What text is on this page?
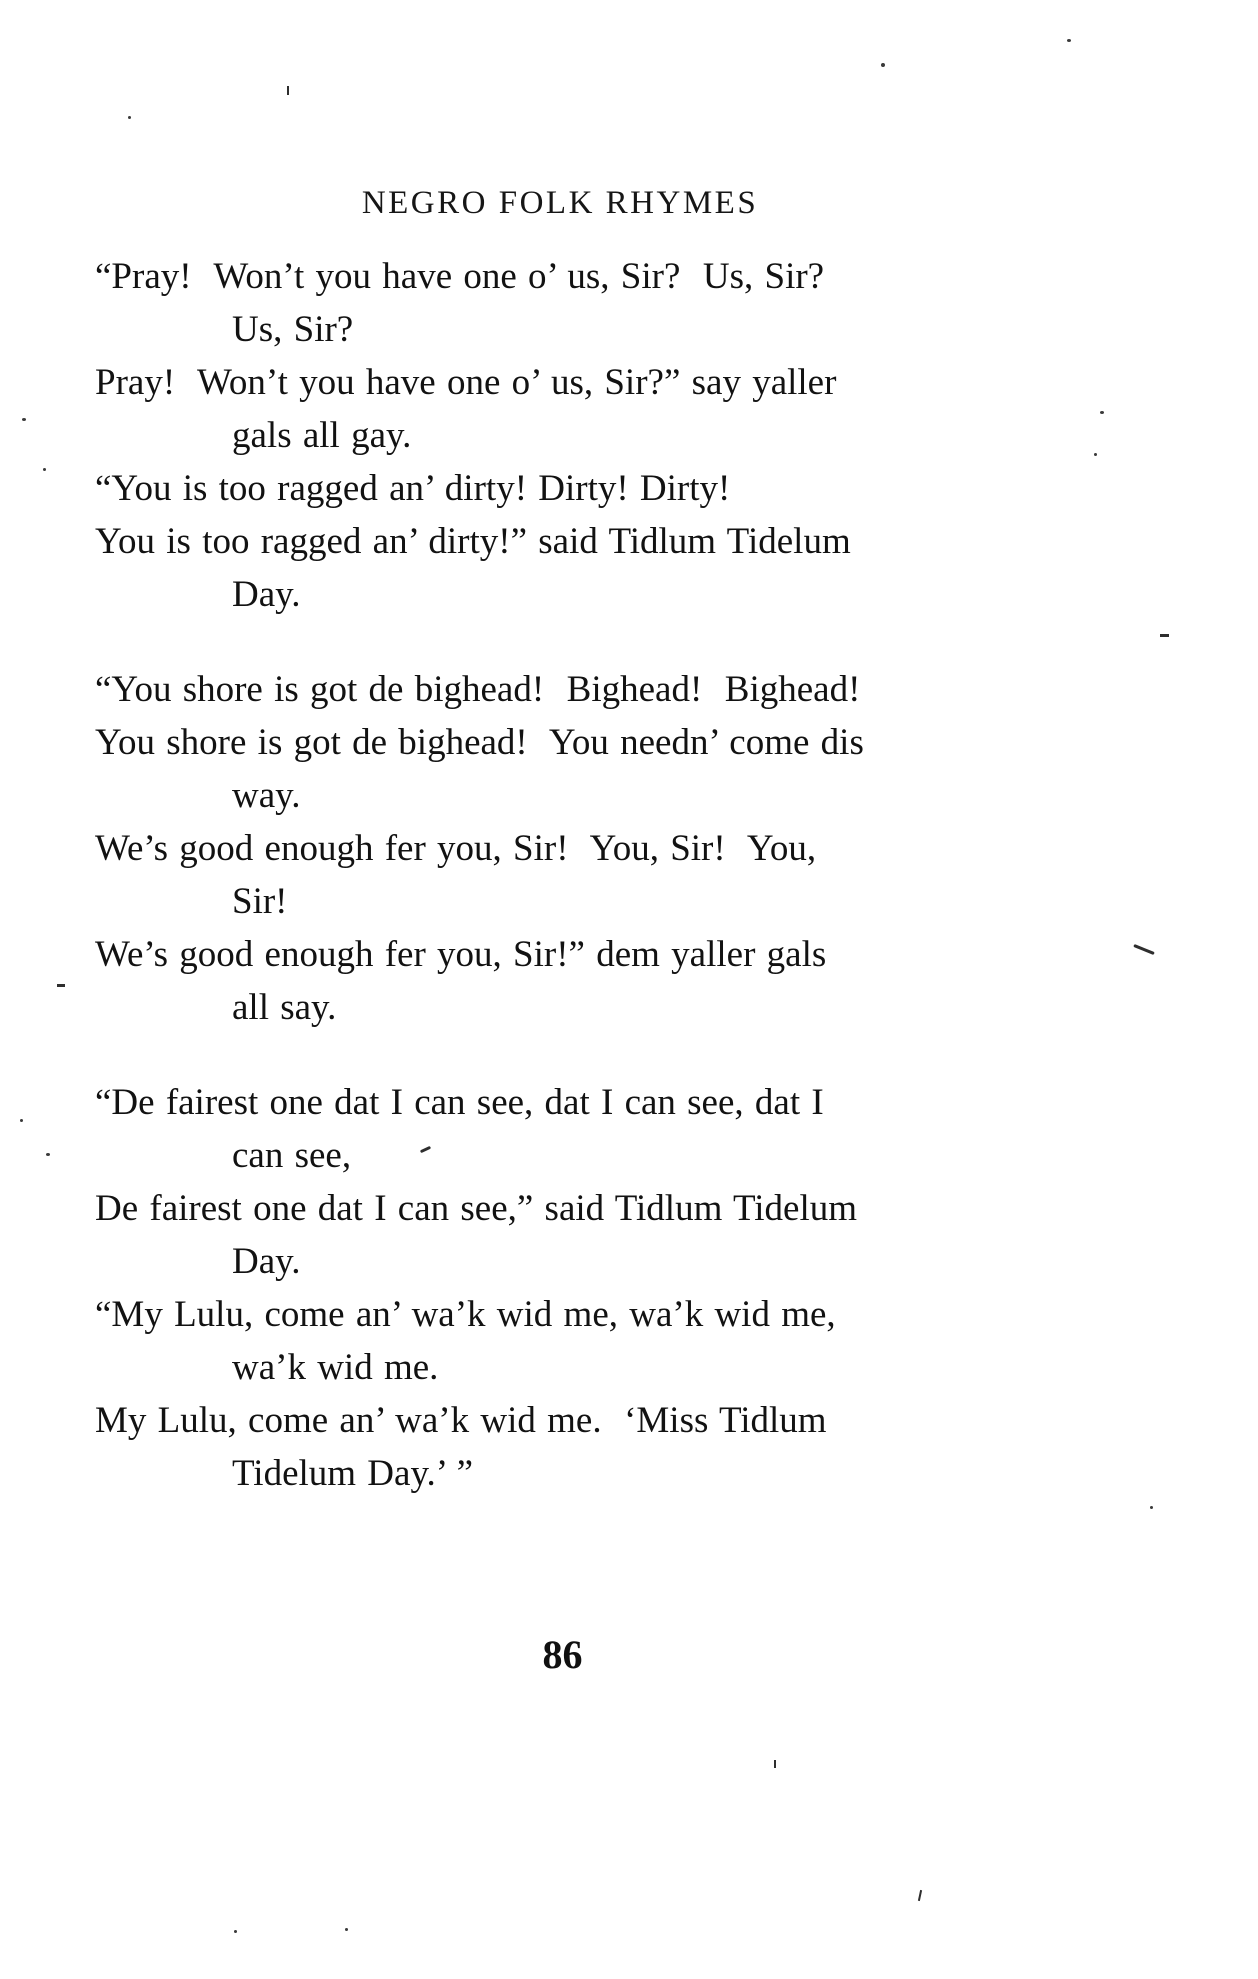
NEGRO FOLK RHYMES
“Pray!  Won’t you have one o’ us, Sir?  Us, Sir?
Us, Sir?
Pray!  Won’t you have one o’ us, Sir?” say yaller
gals all gay.
“You is too ragged an’ dirty! Dirty! Dirty!
You is too ragged an’ dirty!” said Tidlum Tidelum
Day.
“You shore is got de bighead!  Bighead!  Bighead!
You shore is got de bighead!  You needn’ come dis
way.
We’s good enough fer you, Sir!  You, Sir!  You,
Sir!
We’s good enough fer you, Sir!” dem yaller gals
all say.
“De fairest one dat I can see, dat I can see, dat I
can see,
De fairest one dat I can see,” said Tidlum Tidelum
Day.
“My Lulu, come an’ wa’k wid me, wa’k wid me,
wa’k wid me.
My Lulu, come an’ wa’k wid me.  ‘Miss Tidlum
Tidelum Day.’ ”
86
